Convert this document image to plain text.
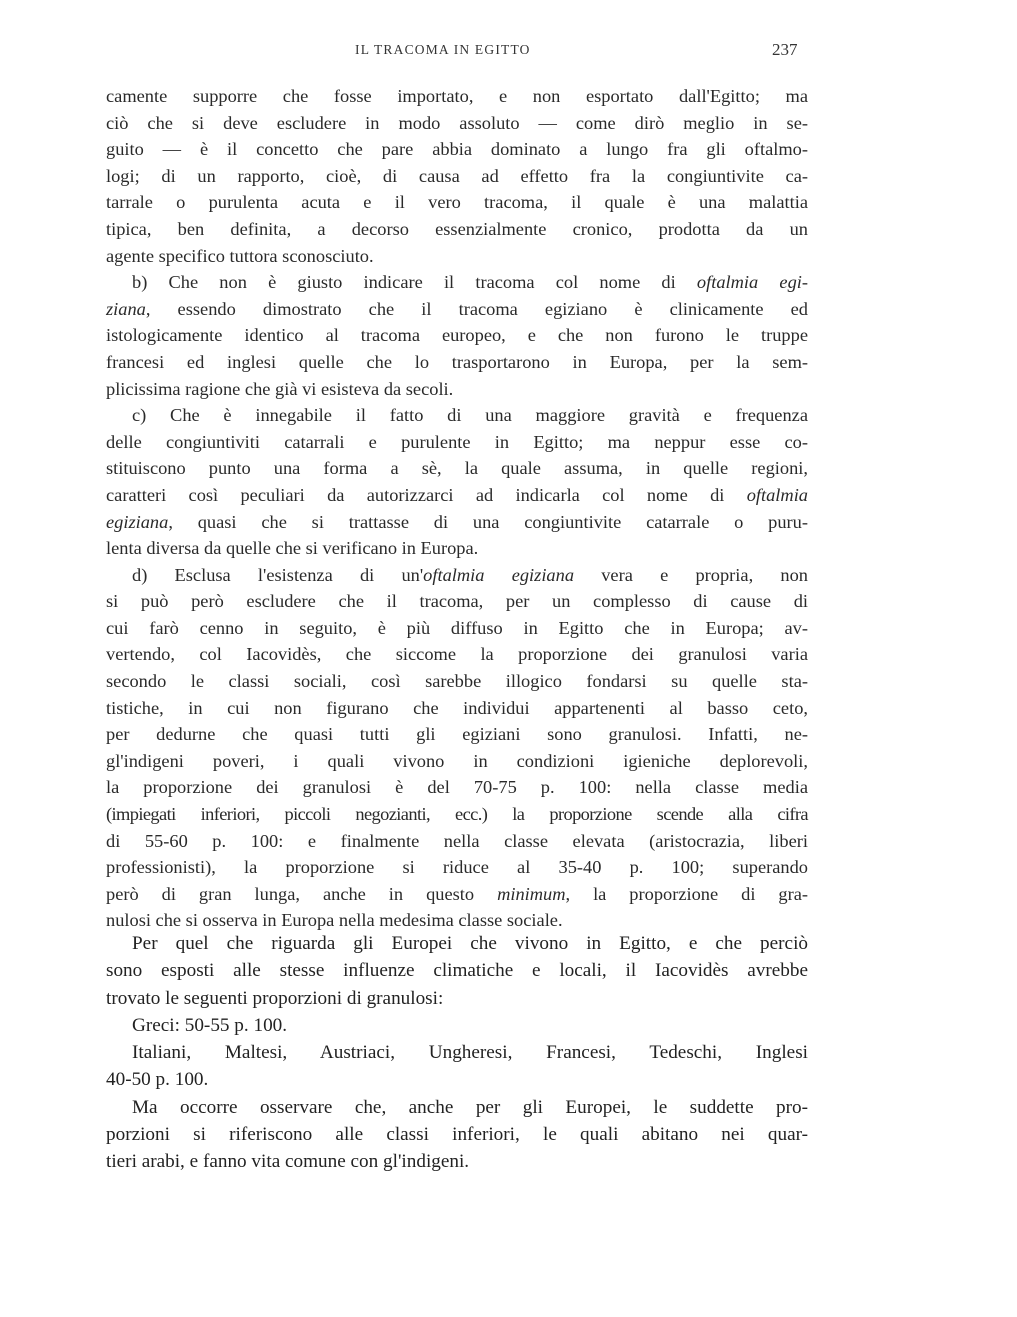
IL TRACOMA IN EGITTO	237
camente supporre che fosse importato, e non esportato dall'Egitto; ma
ciò che si deve escludere in modo assoluto — come dirò meglio in se-
guito — è il concetto che pare abbia dominato a lungo fra gli oftalmo-
logi; di un rapporto, cioè, di causa ad effetto fra la congiuntivite ca-
tarrale o purulenta acuta e il vero tracoma, il quale è una malattia
tipica, ben definita, a decorso essenzialmente cronico, prodotta da un
agente specifico tuttora sconosciuto.
b) Che non è giusto indicare il tracoma col nome di oftalmia egi-
ziana, essendo dimostrato che il tracoma egiziano è clinicamente ed
istologicamente identico al tracoma europeo, e che non furono le truppe
francesi ed inglesi quelle che lo trasportarono in Europa, per la sem-
plicissima ragione che già vi esisteva da secoli.
c) Che è innegabile il fatto di una maggiore gravità e frequenza
delle congiuntiviti catarrali e purulente in Egitto; ma neppur esse co-
stituiscono punto una forma a sè, la quale assuma, in quelle regioni,
caratteri così peculiari da autorizzarci ad indicarla col nome di oftalmia
egiziana, quasi che si trattasse di una congiuntivite catarrale o puru-
lenta diversa da quelle che si verificano in Europa.
d) Esclusa l'esistenza di un'oftalmia egiziana vera e propria, non
si può però escludere che il tracoma, per un complesso di cause di
cui farò cenno in seguito, è più diffuso in Egitto che in Europa; av-
vertendo, col Iacovidès, che siccome la proporzione dei granulosi varia
secondo le classi sociali, così sarebbe illogico fondarsi su quelle sta-
tistiche, in cui non figurano che individui appartenenti al basso ceto,
per dedurne che quasi tutti gli egiziani sono granulosi. Infatti, ne-
gl'indigeni poveri, i quali vivono in condizioni igieniche deplorevoli,
la proporzione dei granulosi è del 70-75 p. 100: nella classe media
(impiegati inferiori, piccoli negozianti, ecc.) la proporzione scende alla cifra
di 55-60 p. 100: e finalmente nella classe elevata (aristocrazia, liberi
professionisti), la proporzione si riduce al 35-40 p. 100; superando
però di gran lunga, anche in questo minimum, la proporzione di gra-
nulosi che si osserva in Europa nella medesima classe sociale.
Per quel che riguarda gli Europei che vivono in Egitto, e che perciò
sono esposti alle stesse influenze climatiche e locali, il Iacovidès avrebbe
trovato le seguenti proporzioni di granulosi:
Greci: 50-55 p. 100.
Italiani, Maltesi, Austriaci, Ungheresi, Francesi, Tedeschi, Inglesi
40-50 p. 100.
Ma occorre osservare che, anche per gli Europei, le suddette pro-
porzioni si riferiscono alle classi inferiori, le quali abitano nei quar-
tieri arabi, e fanno vita comune con gl'indigeni.
